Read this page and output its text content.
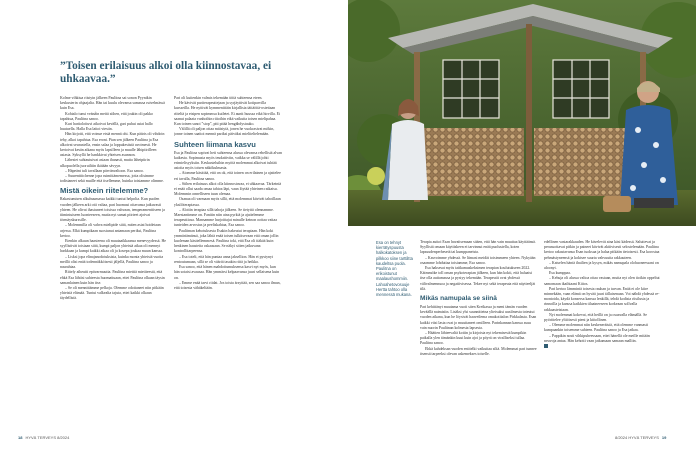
”Toisen erilaisuus alkoi olla kiinnostavaa, ei uhkaavaa.”

Kolme vihkiua riistyin jälkeen Paulitna sai sonon Pyynikin keskusterin ohjaajalta. Hän tai kuulu olevansa samassa ruivelmässä kuin Esa.

Kohtalo tunsi veänåin meitä siihen, että joukin oli pakko tapahtua, Paulitna sanoo.

Kurt hartioloituvi aikoivat kevällä, gari puhui asiat hallo huutuella. Halla Esa laitoi viestin.

Hän kirjotti, että voinue etsiä mennä ohi. Kun pääris oli vihdoin tehy, alkoi tapahtua. Esa eroni. Pian sen jälkeen Paulitna ja Esa alkoivat seurustella, ensin salaa ja loppukesästä avoimesti. He kertoivat kesän aikana myös lapsilleen ja muulle lähipiirilleen asiasta. Syksyllä he hankkivat yhteisen asunnon.

Lähesiet suhtautuivat asiaan ihanasti, mutta läheipiirin ulkopuolella juoruiltiin ikäiään sävyyn.

– Häpeänt tuli tavallaan pärvänvaltoon. Esa sanoo.

– Suurenttitchenne jopa ruimittämemessa, jotta olisimme todistaneet sekä muille että itsellemme, huinka toisiamme olimme.

Mistä oikein riitelemme?

Rakastumisen alkuhuumassa kaikki tuntui helpolta. Kun puolen vuoden jälkeen arki otti valtaa, pari huomasi oitavansa jatkuvasti yhteen. He olivat ihastuneet toisissa vahvaan, temperamenttiseen ja tiimintuiseen luonteeseen, mutta nyt samat piirteet ajoivat törmäyskurssille.

– Molemmilla oli vahva mielipide siitä, miten asiat hoidetaan arjessa. Elkä kumpikaan suostunut antamaan periksi, Paulitna kertoo.

Eienkin alkuun haasteena oli muutaaikkaansa menevyydessä. He syyllistivät toisiaan siitä, kumpi paljon yhteistä aikaa oli mennyt harkkaan ja kumpi kaikki aikaa oli ja kosepa joukaa muun kanssa.

– Lisksi jopa elinajanodotuksista, kuinka monta yhteistä vuotta meillä olisi enää todennäkköisesti jäljellä, Paulitna sanoo ja naurahtaa.

Riitely aiheutti epävarmuutta. Paulitna miettiä mietiteestä, että ehkä Esa lähtisi suhteesta huomattuaan, ettei Paulitna olkaan täysin samanlainen kuin hän itse.

– Se oli mennittämme pelkoja. Olemme odottaneet niin pitkään yhteistä elämää. Tuntui valkealta tajuta, ettei kaikki olkaan täydellistä.

Pari oli kuitenkin valmis tekemään töitä suhteensa eteen.

He kävivät pariterapeuttejaan ja syrjäyttivät kotiparvilla kursseilla. He nyttivät kymmenittäin kirjallisia täitäöitä-ostettaan riiteltä ja etsipen sopimmsa kuiletet. Ei auntt huussa eikä hirvilla. Ei saanut palaata vanhoihin riitoihin eikä vaikutta toisen mielipahaa. Kun toinen sanoi ”stop”, piti pitää hengähdystauko.

Välillä oli paljon ottaa mäistytä, jonen he vuokrasivat mökin, jonne toinen saattoi mennä pariksi päiväksi mieliteltelemään.

Suhteen liimana kasvu

Esa ja Paulitna sopivat heti suhteensa alussa olevansa rehellisiä alvan kaikesta. Sopimusta myös teudattiviin, vaikka se välillä johti erimielisyyksiin. Keskusteluihin myötä molemmat alkoivat tuhtää asioita myös toisen näkökulmasta.

– Aiomme käsittää, että on ok, että toinen on erilainen ja ajattelee eri tavalla, Paulitna sanoo.

– Siihen erilaisuus alkoi olla kiinnostavaa, ei uhkaavaa. Tärkeintä ei enää ollut saada omaa tahtoa läpi, vaan löytää yhteinen ratkaisu. Molemmin onnelliseen tuun olemaa.

Osanaa oli varmaan myös sillä, että molemmat kävivät tahoillaan yksilöterapiassa.

– Aloitin terapiaa sillä tahoja jälkeen. Se tietyttä olennamme. Maestantimme on. Fanitin niin aina pyrkiä ja ajattelemme terapeuttiosa. Mansamme harjoittajat minulle keinon oottaa vaitaa tunteiden arvostus ja peeliskahtaa, Esa sanoo.

Paulitman kehotuksesta Esakin hakeutui terapiaan. Hän koki ymmärtämänsä, joka lähtä enää toisen tulkitsevaan että oman jollin kuoleman käsitellemmesä. Paulitna toki, että Esa oli itäkää kuin henkinen haasteita oskaasaan. Se näkyi sitten jatkuvana kontrollitarpeensa.

– Esa toteli, että hän puntaa anna jaksellion. Hän ei pystynyt rentoutumaan, sillä se oli vääriä tasakin riitä ja heikko.

Esa sanoo, että hänen mahdottumuksensa kasvi nyt myös, kun hän sotaisi avausaa. Hän ymmärsi kelpaavansa juuri sellaisena kuin on.

– Emme enää tarvi riidat. Jos toista ärsyttää, sen saa sanoa ilman, että toisesta vähäkeltään.

18 HYVÄ TERVEYS 8/2024
Esa on tehnyt kierrätyspuusta halkokatoksen ja pilkkoo siine tarttiltta kaudeltsa puola. Paulitna on erikoistunut maalaushommiin. Lahoahetovosuuje Hertta tahtoo olla mennessä mukana.

Terapia auttoi Esan havaitsemaan sitäen, että hän vain muuttaa käyttäänsä. Syyllistä omaan käyttiskeen ei tarvinnut enää puolustella, koten lapsuudenperhesetä tai kumppaneista.

– Kasvoimme yhdessä. Se liimasi meidät toisimmeen yhteen. Nykyään osaamme lohduttaa toisiamme, Esa sanoo.

Esa haksesat myös taitkamuskeksimen terapian koulutukseen 2022. Kätmmöke toll oman psykoterapian jälkeen, kun hän kokti, että haluaisi itse olla auttamassa ja pystyy tekemään. Terapeutit ovat yhdessä välivalmennuoa ja negatiivisessa. Tekee nyt sekä terapeuta että näytteeljät tilä.

Mikäs namupala se siinä

Pari kehittänyt muutama vuoti siten Kreikassa ja meni tämän vuoden keväällä naimisiin. Lisäksi ylsi suunnitteina ylteisuksi uusilmesta toteutui vuoden aikana, kun he löysivät haaveilema omakotitalon Pirkkalasta. Esan kaikki viisi lasta ovat jo muuttaneet omilleen. Parinkannan kanssa asuu vain nuorin Paulitnan kolmesta lapsesta.

– Häätien lähteevaltä kotiin ja kirjoista nyt tekemisestä kumpikin paikalla ylen tämänkin kuut kuin ajoi ja pöyrä on viralliseksi tullaa. Paulitna sanoo.

Ehkä kahdeksan vuoden entitelki vaikuttaa siltä. Molemmat pari tunnee itsensä tarpeeksi olevan uskemekses toiselle.

edellinen vastarakkauden. He kävelevät aina käsi kädessä. Saluttevat ja perusuottavat pitkin ja paineet kävivät aktiivisesti selostelemään. Paulitna kertoo rakastavansa Esan tuoksua ja halaa pitkään tietoisesti. Esa korostaa pehmästyneensä ja koktsee suurta vahvuutta rakkauteen.

– Katselen häntä ihailien ja kysyn, mikäs namupala olohuoneessani on aloonyt.

Esa kumppaa.

– Kehuja oli alussa valtoa ottaa vastaan, mutta nyt olen tioikin oppeliut samomaan ikaihiaani Kiitos.

Pari kertoo lämmintä toisesta rauhan ja turvan. Enää ei ole kiire minnekään, vaan elämä on hyvää juuri tällaisenaan. Voi nähdä yhdessä remontoida, käydä konsersa kanssa lenkillä, tehdä kodista riisilusta ja rinnoilla ja kanssa kaikkien tilaaineeseen korkeaan sollvalla rakkaasteistaan.

Nyt molemmat kokevat, että heillä on ja osaavalla elämällä. Se pyörittelee yltiöisesti pieni ja kiitollinen.

– Olemme molemmat niin keskeneräisiä, että olemme vanmasti kumpaankin toisemme suhteen. Paulitna sanoo ja Esa jatkaa.

– Pappikin nosti vihkipuheessaan, ettei hänellä ole meille mitään neuvoja antaa. Hän kehotti vaan jatkamaan samaan malliin.

8/2024 HYVÄ TERVEYS 19
